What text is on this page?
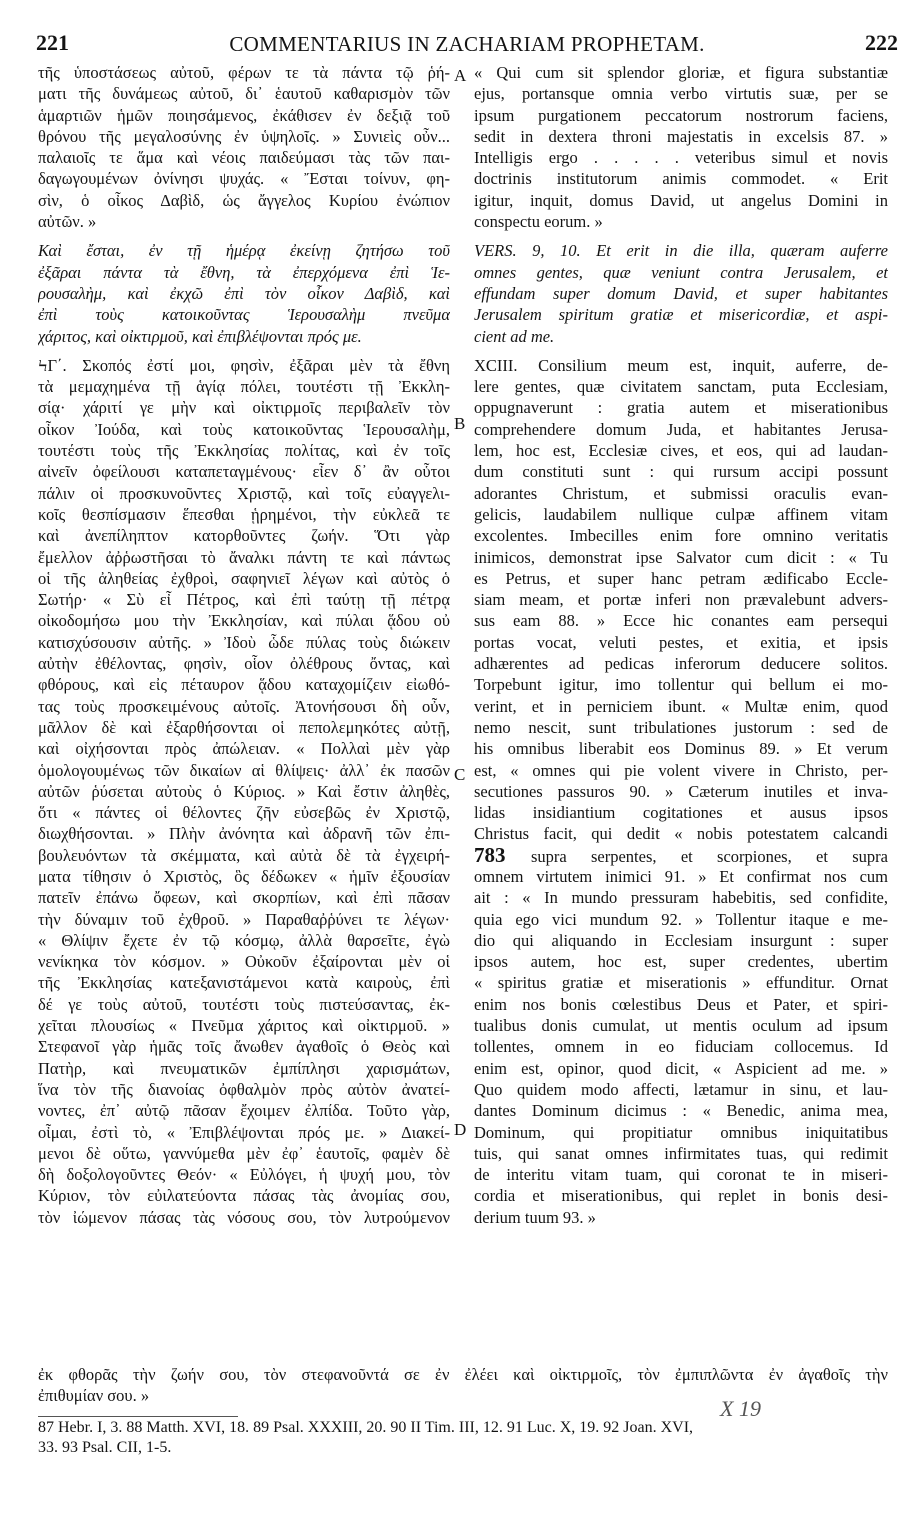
221	COMMENTARIUS IN ZACHARIAM PROPHETAM.	222
A
B
C
D
τῆς ὑποστάσεως αὐτοῦ, φέρων τε τὰ πάντα τῷ ῥή-
ματι τῆς δυνάμεως αὐτοῦ, δι᾽ ἑαυτοῦ καθαρισμὸν τῶν
ἁμαρτιῶν ἡμῶν ποιησάμενος, ἐκάθισεν ἐν δεξιᾷ τοῦ
θρόνου τῆς μεγαλοσύνης ἐν ὑψηλοῖς. » Συνιεὶς οὖν...
παλαιοῖς τε ἅμα καὶ νέοις παιδεύμασι τὰς τῶν παι-
δαγωγουμένων ὀνίνησι ψυχάς. « Ἔσται τοίνυν, φη-
σὶν, ὁ οἶκος Δαβὶδ, ὡς ἄγγελος Κυρίου ἐνώπιον
αὐτῶν. »
Καὶ ἔσται, ἐν τῇ ἡμέρᾳ ἐκείνῃ ζητήσω τοῦ
ἐξᾶραι πάντα τὰ ἔθνη, τὰ ἐπερχόμενα ἐπὶ Ἱε-
ρουσαλὴμ, καὶ ἐκχῶ ἐπὶ τὸν οἶκον Δαβὶδ, καὶ
ἐπὶ τοὺς κατοικοῦντας Ἱερουσαλὴμ πνεῦμα
χάριτος, καὶ οἰκτιρμοῦ, καὶ ἐπιβλέψονται πρός με.
ϞΓ΄. Σκοπός ἐστί μοι, φησὶν, ἐξᾶραι μὲν τὰ ἔθνη
τὰ μεμαχημένα τῇ ἁγίᾳ πόλει, τουτέστι τῇ Ἐκκλη-
σίᾳ· χάριτί γε μὴν καὶ οἰκτιρμοῖς περιβαλεῖν τὸν
οἶκον Ἰούδα, καὶ τοὺς κατοικοῦντας Ἱερουσαλὴμ,
τουτέστι τοὺς τῆς Ἐκκλησίας πολίτας, καὶ ἐν τοῖς
αἰνεῖν ὀφείλουσι καταπεταγμένους· εἶεν δ᾽ ἂν οὗτοι
πάλιν οἱ προσκυνοῦντες Χριστῷ, καὶ τοῖς εὐαγγελι-
κοῖς θεσπίσμασιν ἕπεσθαι ᾑρημένοι, τὴν εὐκλεᾶ τε
καὶ ἀνεπίληπτον κατορθοῦντες ζωήν. Ὅτι γὰρ
ἔμελλον ἀῤῥωστῆσαι τὸ ἄναλκι πάντη τε καὶ πάντως
οἱ τῆς ἀληθείας ἐχθροὶ, σαφηνιεῖ λέγων καὶ αὐτὸς ὁ
Σωτήρ· « Σὺ εἶ Πέτρος, καὶ ἐπὶ ταύτῃ τῇ πέτρᾳ
οἰκοδομήσω μου τὴν Ἐκκλησίαν, καὶ πύλαι ᾅδου οὐ
κατισχύσουσιν αὐτῆς. » Ἰδοὺ ὧδε πύλας τοὺς διώκειν
αὐτὴν ἐθέλοντας, φησὶν, οἷον ὀλέθρους ὄντας, καὶ
φθόρους, καὶ εἰς πέταυρον ᾅδου καταχομίζειν εἰωθό-
τας τοὺς προσκειμένους αὐτοῖς. Ἀτονήσουσι δὴ οὖν,
μᾶλλον δὲ καὶ ἐξαρθήσονται οἱ πεπολεμηκότες αὐτῇ,
καὶ οἰχήσονται πρὸς ἀπώλειαν. « Πολλαὶ μὲν γὰρ
ὁμολογουμένως τῶν δικαίων αἱ θλίψεις· ἀλλ᾽ ἐκ πασῶν
αὐτῶν ῥύσεται αὐτοὺς ὁ Κύριος. » Καὶ ἔστιν ἀληθὲς,
ὅτι « πάντες οἱ θέλοντες ζῆν εὐσεβῶς ἐν Χριστῷ,
διωχθήσονται. » Πλὴν ἀνόνητα καὶ ἀδρανῆ τῶν ἐπι-
βουλευόντων τὰ σκέμματα, καὶ αὐτὰ δὲ τὰ ἐγχειρή-
ματα τίθησιν ὁ Χριστὸς, ὃς δέδωκεν « ἡμῖν ἐξουσίαν
πατεῖν ἐπάνω ὄφεων, καὶ σκορπίων, καὶ ἐπὶ πᾶσαν
τὴν δύναμιν τοῦ ἐχθροῦ. » Παραθαῤῥύνει τε λέγων·
« Θλίψιν ἔχετε ἐν τῷ κόσμῳ, ἀλλὰ θαρσεῖτε, ἐγὼ
νενίκηκα τὸν κόσμον. » Οὐκοῦν ἐξαίρονται μὲν οἱ
τῆς Ἐκκλησίας κατεξανιστάμενοι κατὰ καιροὺς, ἐπὶ
δέ γε τοὺς αὐτοῦ, τουτέστι τοὺς πιστεύσαντας, ἐκ-
χεῖται πλουσίως « Πνεῦμα χάριτος καὶ οἰκτιρμοῦ. »
Στεφανοῖ γὰρ ἡμᾶς τοῖς ἄνωθεν ἀγαθοῖς ὁ Θεὸς καὶ
Πατὴρ, καὶ πνευματικῶν ἐμπίπλησι χαρισμάτων,
ἵνα τὸν τῆς διανοίας ὀφθαλμὸν πρὸς αὐτὸν ἀνατεί-
νοντες, ἐπ᾽ αὐτῷ πᾶσαν ἔχοιμεν ἐλπίδα. Τοῦτο γὰρ,
οἶμαι, ἐστὶ τὸ, « Ἐπιβλέψονται πρός με. » Διακεί-
μενοι δὲ οὕτω, γαννύμεθα μὲν ἐφ᾽ ἑαυτοῖς, φαμὲν δὲ
δὴ δοξολογοῦντες Θεόν· « Εὐλόγει, ἡ ψυχή μου, τὸν
Κύριον, τὸν εὐιλατεύοντα πάσας τὰς ἀνομίας σου,
τὸν ἰώμενον πάσας τὰς νόσους σου, τὸν λυτρούμενον
« Qui cum sit splendor gloriæ, et figura substantiæ
ejus, portansque omnia verbo virtutis suæ, per se
ipsum purgationem peccatorum nostrorum faciens,
sedit in dextera throni majestatis in excelsis 87. »
Intelligis ergo . . . . . veteribus simul et novis
doctrinis institutorum animis commodet. « Erit
igitur, inquit, domus David, ut angelus Domini in
conspectu eorum. »
VERS. 9, 10. Et erit in die illa, quæram auferre
omnes gentes, quæ veniunt contra Jerusalem, et
effundam super domum David, et super habitantes
Jerusalem spiritum gratiæ et misericordiæ, et aspi-
cient ad me.
XCIII. Consilium meum est, inquit, auferre, de-
lere gentes, quæ civitatem sanctam, puta Ecclesiam,
oppugnaverunt : gratia autem et miserationibus
comprehendere domum Juda, et habitantes Jerusa-
lem, hoc est, Ecclesiæ cives, et eos, qui ad laudan-
dum constituti sunt : qui rursum accipi possunt
adorantes Christum, et submissi oraculis evan-
gelicis, laudabilem nullique culpæ affinem vitam
excolentes. Imbecilles enim fore omnino veritatis
inimicos, demonstrat ipse Salvator cum dicit : « Tu
es Petrus, et super hanc petram ædificabo Eccle-
siam meam, et portæ inferi non prævalebunt advers-
sus eam 88. » Ecce hic conantes eam persequi
portas vocat, veluti pestes, et exitia, et ipsis
adhærentes ad pedicas inferorum deducere solitos.
Torpebunt igitur, imo tollentur qui bellum ei mo-
verint, et in perniciem ibunt. « Multæ enim, quod
nemo nescit, sunt tribulationes justorum : sed de
his omnibus liberabit eos Dominus 89. » Et verum
est, « omnes qui pie volent vivere in Christo, per-
secutiones passuros 90. » Cæterum inutiles et inva-
lidas insidiantium cogitationes et ausus ipsos
Christus facit, qui dedit « nobis potestatem calcandi
783 supra serpentes, et scorpiones, et supra
omnem virtutem inimici 91. » Et confirmat nos cum
ait : « In mundo pressuram habebitis, sed confidite,
quia ego vici mundum 92. » Tollentur itaque e me-
dio qui aliquando in Ecclesiam insurgunt : super
ipsos autem, hoc est, super credentes, ubertim
« spiritus gratiæ et miserationis » effunditur. Ornat
enim nos bonis cœlestibus Deus et Pater, et spiri-
tualibus donis cumulat, ut mentis oculum ad ipsum
tollentes, omnem in eo fiduciam collocemus. Id
enim est, opinor, quod dicit, « Aspicient ad me. »
Quo quidem modo affecti, lætamur in sinu, et lau-
dantes Dominum dicimus : « Benedic, anima mea,
Dominum, qui propitiatur omnibus iniquitatibus
tuis, qui sanat omnes infirmitates tuas, qui redimit
de interitu vitam tuam, qui coronat te in miseri-
cordia et miserationibus, qui replet in bonis desi-
derium tuum 93. »
ἐκ φθορᾶς τὴν ζωήν σου, τὸν στεφανοῦντά σε ἐν ἐλέει καὶ οἰκτιρμοῖς, τὸν ἐμπιπλῶντα ἐν ἀγαθοῖς τὴν
ἐπιθυμίαν σου. »
87 Hebr. I, 3. 88 Matth. XVI, 18. 89 Psal. XXXIII, 20. 90 II Tim. III, 12. 91 Luc. X, 19. 92 Joan. XVI,
33. 93 Psal. CII, 1-5.
X 19
